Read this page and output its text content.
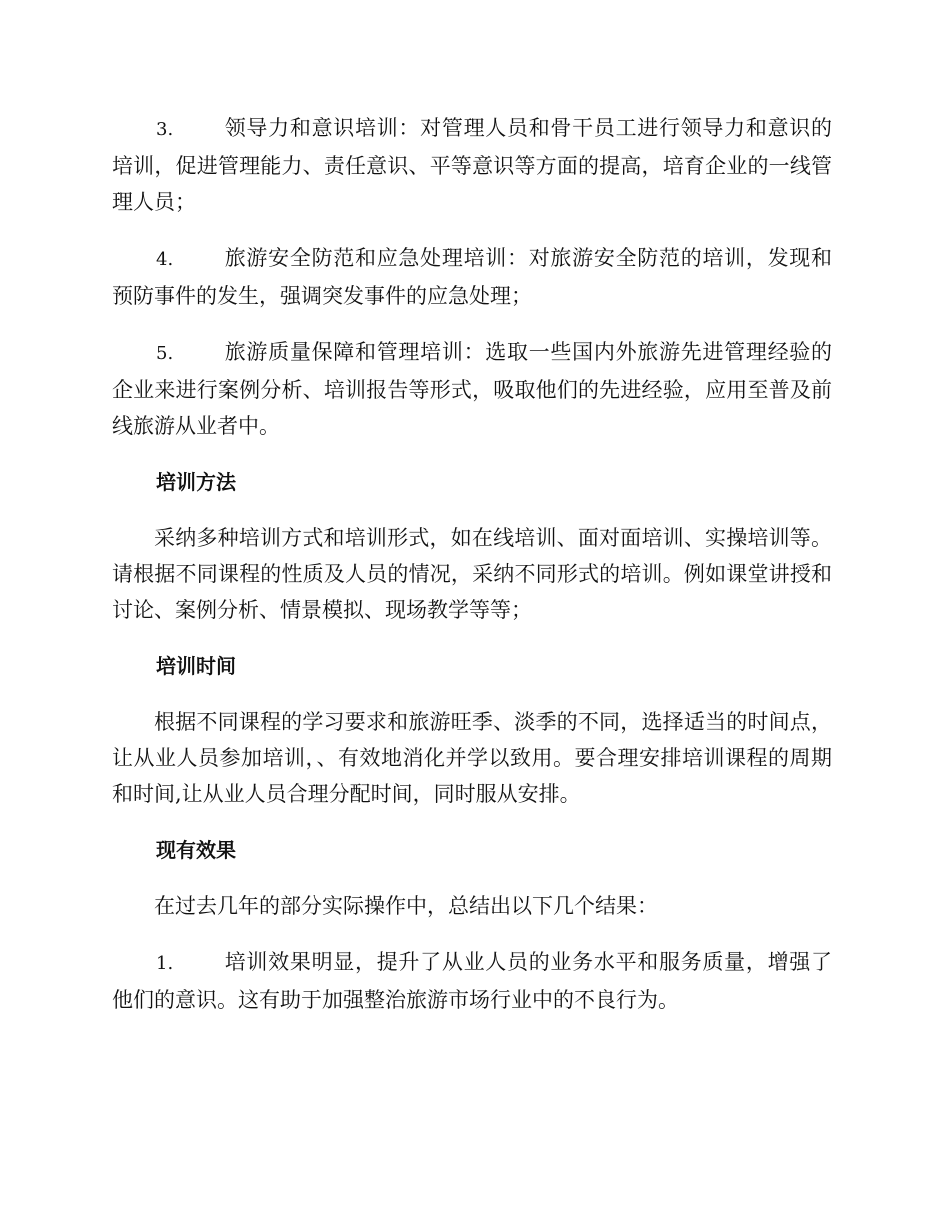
3. 领导力和意识培训：对管理人员和骨干员工进行领导力和意识的培训，促进管理能力、责任意识、平等意识等方面的提高，培育企业的一线管理人员；

4. 旅游安全防范和应急处理培训：对旅游安全防范的培训，发现和预防事件的发生，强调突发事件的应急处理；

5. 旅游质量保障和管理培训：选取一些国内外旅游先进管理经验的企业来进行案例分析、培训报告等形式，吸取他们的先进经验，应用至普及前线旅游从业者中。

培训方法

采纳多种培训方式和培训形式，如在线培训、面对面培训、实操培训等。请根据不同课程的性质及人员的情况，采纳不同形式的培训。例如课堂讲授和讨论、案例分析、情景模拟、现场教学等等；

培训时间

根据不同课程的学习要求和旅游旺季、淡季的不同，选择适当的时间点，让从业人员参加培训，、有效地消化并学以致用。要合理安排培训课程的周期和时间,让从业人员合理分配时间，同时服从安排。

现有效果

在过去几年的部分实际操作中，总结出以下几个结果：

1. 培训效果明显，提升了从业人员的业务水平和服务质量，增强了他们的意识。这有助于加强整治旅游市场行业中的不良行为。
